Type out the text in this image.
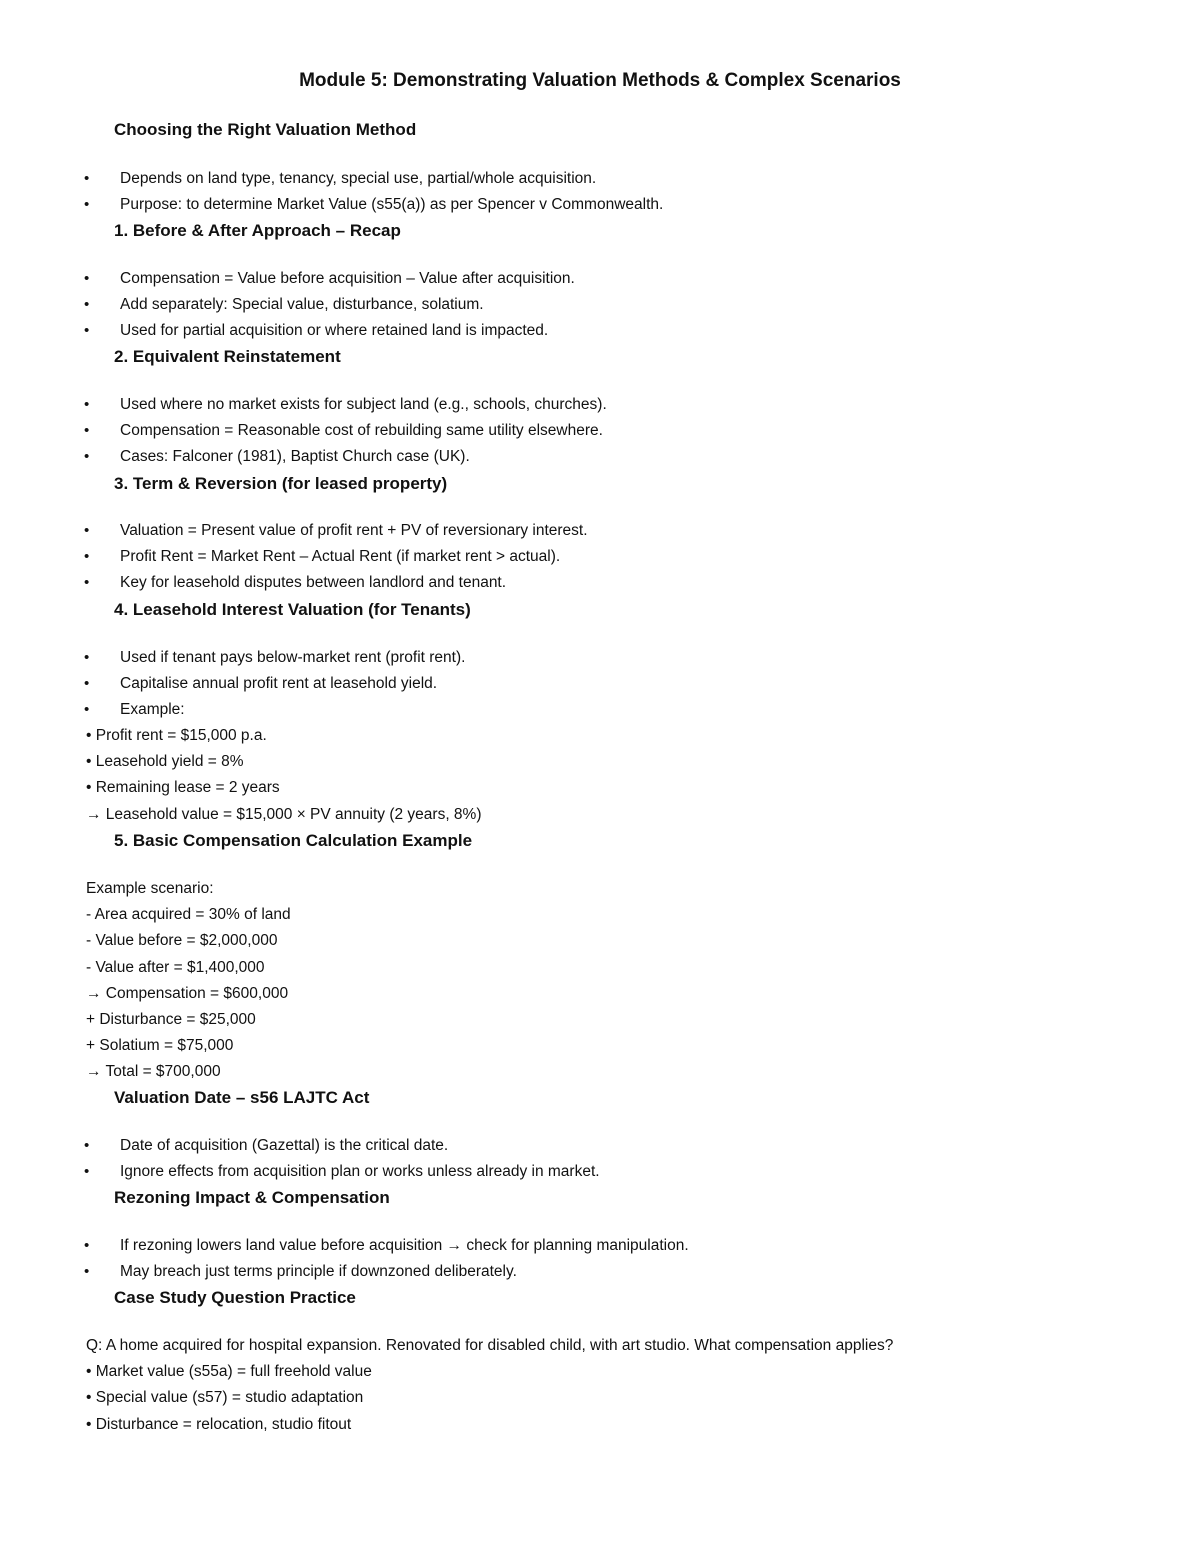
Module 5: Demonstrating Valuation Methods & Complex Scenarios
Choosing the Right Valuation Method
• Depends on land type, tenancy, special use, partial/whole acquisition.
• Purpose: to determine Market Value (s55(a)) as per Spencer v Commonwealth.
1. Before & After Approach – Recap
• Compensation = Value before acquisition – Value after acquisition.
• Add separately: Special value, disturbance, solatium.
• Used for partial acquisition or where retained land is impacted.
2. Equivalent Reinstatement
• Used where no market exists for subject land (e.g., schools, churches).
• Compensation = Reasonable cost of rebuilding same utility elsewhere.
• Cases: Falconer (1981), Baptist Church case (UK).
3. Term & Reversion (for leased property)
• Valuation = Present value of profit rent + PV of reversionary interest.
• Profit Rent = Market Rent – Actual Rent (if market rent > actual).
• Key for leasehold disputes between landlord and tenant.
4. Leasehold Interest Valuation (for Tenants)
• Used if tenant pays below-market rent (profit rent).
• Capitalise annual profit rent at leasehold yield.
• Example:
• Profit rent = $15,000 p.a.
• Leasehold yield = 8%
• Remaining lease = 2 years
→ Leasehold value = $15,000 × PV annuity (2 years, 8%)
5. Basic Compensation Calculation Example
Example scenario:
- Area acquired = 30% of land
- Value before = $2,000,000
- Value after = $1,400,000
→ Compensation = $600,000
+ Disturbance = $25,000
+ Solatium = $75,000
→ Total = $700,000
Valuation Date – s56 LAJTC Act
• Date of acquisition (Gazettal) is the critical date.
• Ignore effects from acquisition plan or works unless already in market.
Rezoning Impact & Compensation
• If rezoning lowers land value before acquisition → check for planning manipulation.
• May breach just terms principle if downzoned deliberately.
Case Study Question Practice
Q: A home acquired for hospital expansion. Renovated for disabled child, with art studio. What compensation applies?
• Market value (s55a) = full freehold value
• Special value (s57) = studio adaptation
• Disturbance = relocation, studio fitout
